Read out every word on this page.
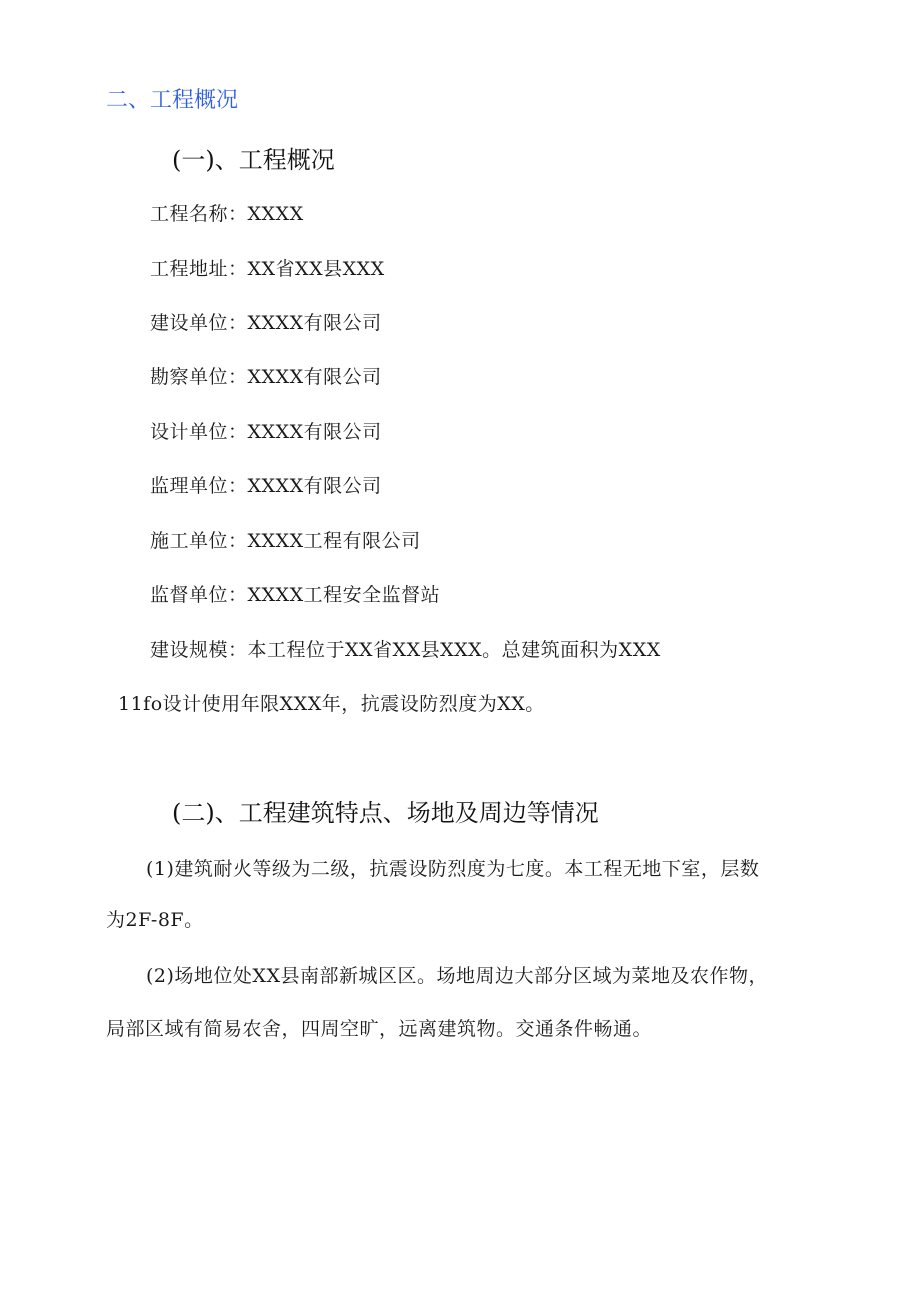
二、工程概况
(一)、工程概况
工程名称：XXXX
工程地址：XX省XX县XXX
建设单位：XXXX有限公司
勘察单位：XXXX有限公司
设计单位：XXXX有限公司
监理单位：XXXX有限公司
施工单位：XXXX工程有限公司
监督单位：XXXX工程安全监督站
建设规模：本工程位于XX省XX县XXX。总建筑面积为XXX
11fo设计使用年限XXX年，抗震设防烈度为XX。
(二)、工程建筑特点、场地及周边等情况
(1)建筑耐火等级为二级，抗震设防烈度为七度。本工程无地下室，层数
为2F-8F。
(2)场地位处XX县南部新城区区。场地周边大部分区域为菜地及农作物，
局部区域有简易农舍，四周空旷，远离建筑物。交通条件畅通。
